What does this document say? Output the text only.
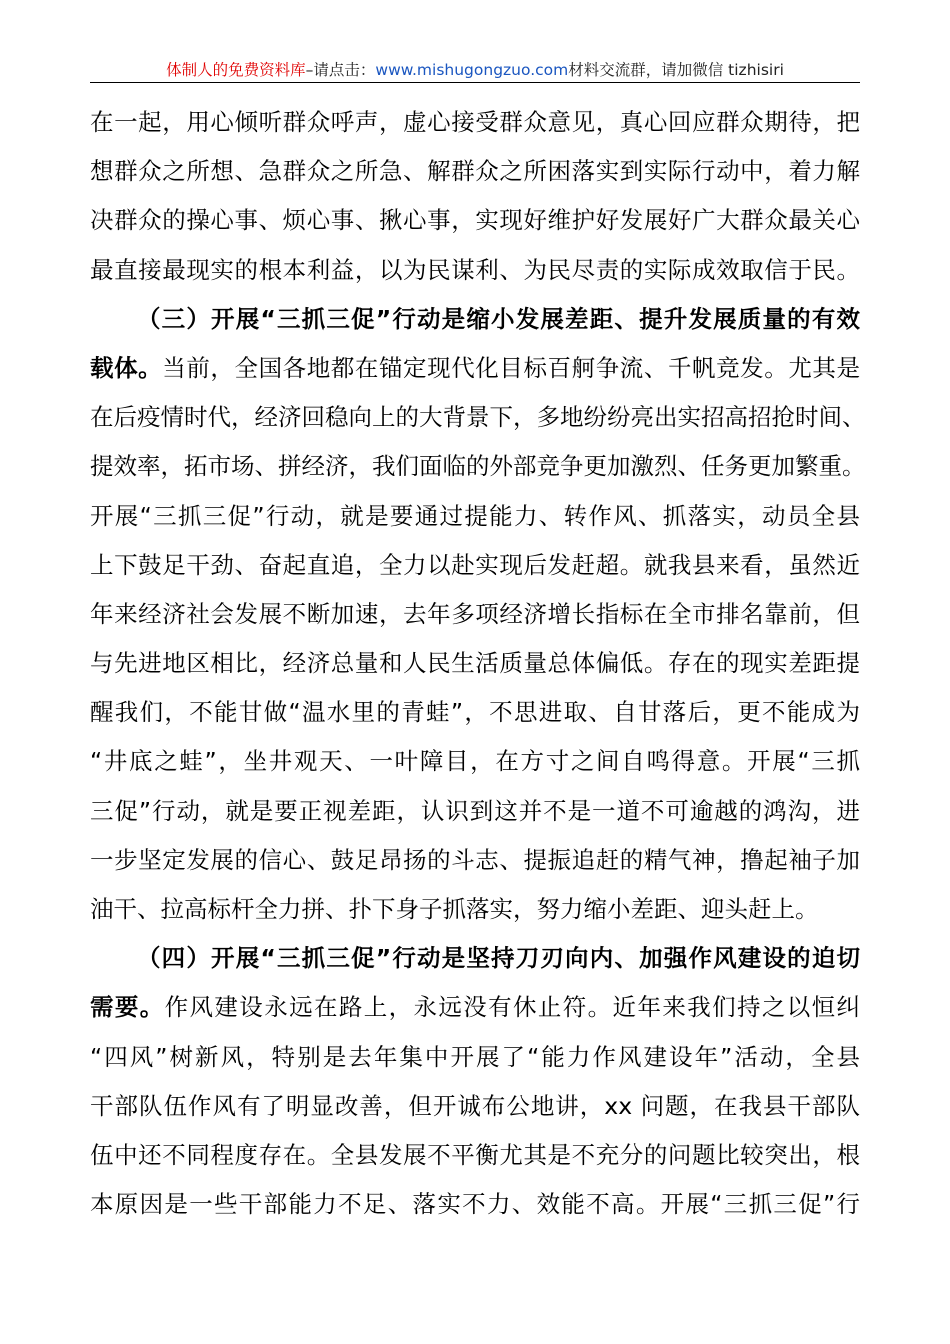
体制人的免费资料库–请点击：www.mishugongzuo.com材料交流群，请加微信 tizhisiri
在一起，用心倾听群众呼声，虚心接受群众意见，真心回应群众期待，把
想群众之所想、急群众之所急、解群众之所困落实到实际行动中，着力解
决群众的操心事、烦心事、揪心事，实现好维护好发展好广大群众最关心
最直接最现实的根本利益，以为民谋利、为民尽责的实际成效取信于民。
（三）开展“三抓三促”行动是缩小发展差距、提升发展质量的有效
载体。当前，全国各地都在锚定现代化目标百舸争流、千帆竞发。尤其是
在后疫情时代，经济回稳向上的大背景下，多地纷纷亮出实招高招抢时间、
提效率，拓市场、拼经济，我们面临的外部竞争更加激烈、任务更加繁重。
开展“三抓三促”行动，就是要通过提能力、转作风、抓落实，动员全县
上下鼓足干劲、奋起直追，全力以赴实现后发赶超。就我县来看，虽然近
年来经济社会发展不断加速，去年多项经济增长指标在全市排名靠前，但
与先进地区相比，经济总量和人民生活质量总体偏低。存在的现实差距提
醒我们，不能甘做“温水里的青蛙”，不思进取、自甘落后，更不能成为
“井底之蛙”，坐井观天、一叶障目，在方寸之间自鸣得意。开展“三抓
三促”行动，就是要正视差距，认识到这并不是一道不可逾越的鸿沟，进
一步坚定发展的信心、鼓足昂扬的斗志、提振追赶的精气神，撸起袖子加
油干、拉高标杆全力拼、扑下身子抓落实，努力缩小差距、迎头赶上。
（四）开展“三抓三促”行动是坚持刀刃向内、加强作风建设的迫切
需要。作风建设永远在路上，永远没有休止符。近年来我们持之以恒纠
“四风”树新风，特别是去年集中开展了“能力作风建设年”活动，全县
干部队伍作风有了明显改善，但开诚布公地讲，xx 问题，在我县干部队
伍中还不同程度存在。全县发展不平衡尤其是不充分的问题比较突出，根
本原因是一些干部能力不足、落实不力、效能不高。开展“三抓三促”行
